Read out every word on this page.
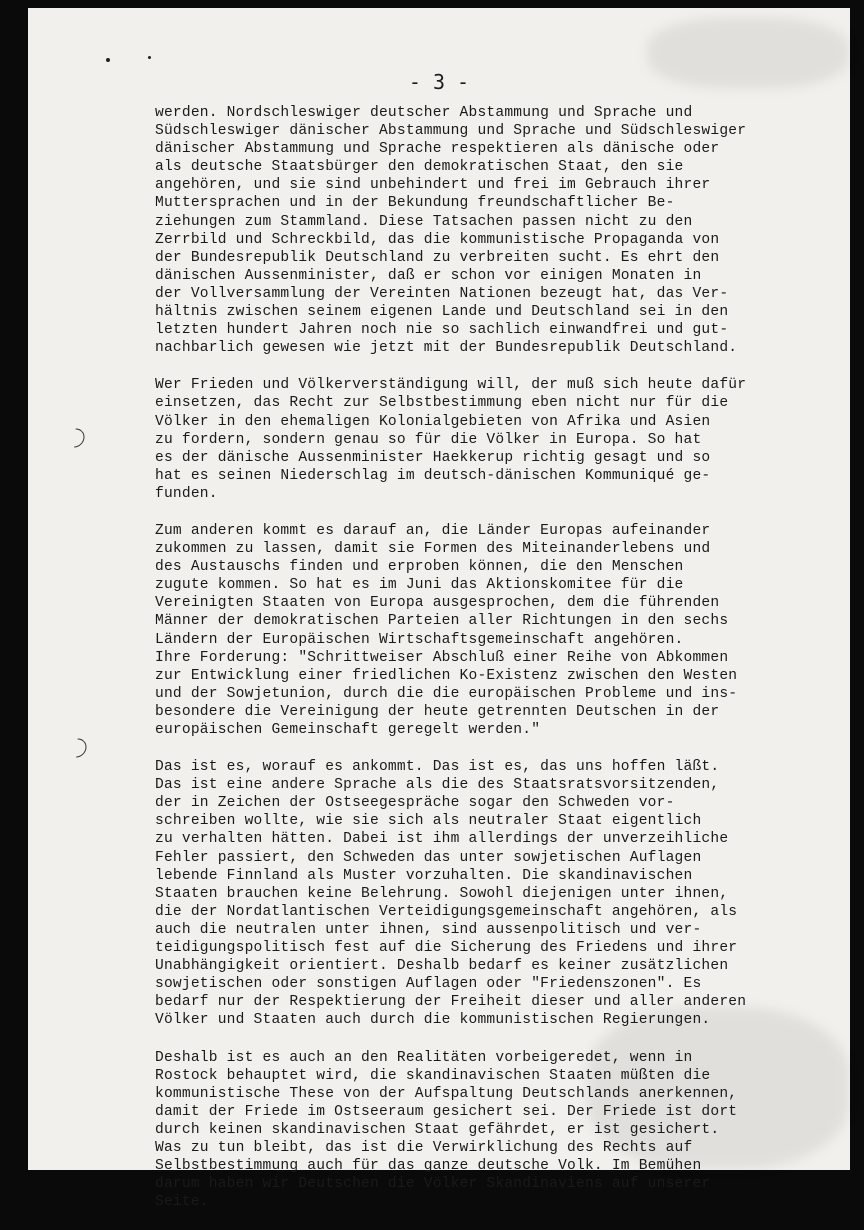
- 3 -

werden. Nordschleswiger deutscher Abstammung und Sprache und
Südschleswiger dänischer Abstammung und Sprache und Südschleswiger
dänischer Abstammung und Sprache respektieren als dänische oder
als deutsche Staatsbürger den demokratischen Staat, den sie
angehören, und sie sind unbehindert und frei im Gebrauch ihrer
Muttersprachen und in der Bekundung freundschaftlicher Be-
ziehungen zum Stammland. Diese Tatsachen passen nicht zu den
Zerrbild und Schreckbild, das die kommunistische Propaganda von
der Bundesrepublik Deutschland zu verbreiten sucht. Es ehrt den
dänischen Aussenminister, daß er schon vor einigen Monaten in
der Vollversammlung der Vereinten Nationen bezeugt hat, das Ver-
hältnis zwischen seinem eigenen Lande und Deutschland sei in den
letzten hundert Jahren noch nie so sachlich einwandfrei und gut-
nachbarlich gewesen wie jetzt mit der Bundesrepublik Deutschland.

Wer Frieden und Völkerverständigung will, der muß sich heute dafür
einsetzen, das Recht zur Selbstbestimmung eben nicht nur für die
Völker in den ehemaligen Kolonialgebieten von Afrika und Asien
zu fordern, sondern genau so für die Völker in Europa. So hat
es der dänische Aussenminister Haekkerup richtig gesagt und so
hat es seinen Niederschlag im deutsch-dänischen Kommuniqué ge-
funden.

Zum anderen kommt es darauf an, die Länder Europas aufeinander
zukommen zu lassen, damit sie Formen des Miteinanderlebens und
des Austauschs finden und erproben können, die den Menschen
zugute kommen. So hat es im Juni das Aktionskomitee für die
Vereinigten Staaten von Europa ausgesprochen, dem die führenden
Männer der demokratischen Parteien aller Richtungen in den sechs
Ländern der Europäischen Wirtschaftsgemeinschaft angehören.
Ihre Forderung: "Schrittweiser Abschluß einer Reihe von Abkommen
zur Entwicklung einer friedlichen Ko-Existenz zwischen den Westen
und der Sowjetunion, durch die die europäischen Probleme und ins-
besondere die Vereinigung der heute getrennten Deutschen in der
europäischen Gemeinschaft geregelt werden."

Das ist es, worauf es ankommt. Das ist es, das uns hoffen läßt.
Das ist eine andere Sprache als die des Staatsratsvorsitzenden,
der in Zeichen der Ostseegespräche sogar den Schweden vor-
schreiben wollte, wie sie sich als neutraler Staat eigentlich
zu verhalten hätten. Dabei ist ihm allerdings der unverzeihliche
Fehler passiert, den Schweden das unter sowjetischen Auflagen
lebende Finnland als Muster vorzuhalten. Die skandinavischen
Staaten brauchen keine Belehrung. Sowohl diejenigen unter ihnen,
die der Nordatlantischen Verteidigungsgemeinschaft angehören, als
auch die neutralen unter ihnen, sind aussenpolitisch und ver-
teidigungspolitisch fest auf die Sicherung des Friedens und ihrer
Unabhängigkeit orientiert. Deshalb bedarf es keiner zusätzlichen
sowjetischen oder sonstigen Auflagen oder "Friedenszonen". Es
bedarf nur der Respektierung der Freiheit dieser und aller anderen
Völker und Staaten auch durch die kommunistischen Regierungen.

Deshalb ist es auch an den Realitäten vorbeigeredet, wenn in
Rostock behauptet wird, die skandinavischen Staaten müßten die
kommunistische These von der Aufspaltung Deutschlands anerkennen,
damit der Friede im Ostseeraum gesichert sei. Der Friede ist dort
durch keinen skandinavischen Staat gefährdet, er ist gesichert.
Was zu tun bleibt, das ist die Verwirklichung des Rechts auf
Selbstbestimmung auch für das ganze deutsche Volk. Im Bemühen
darum haben wir Deutschen die Völker Skandinaviens auf unserer
Seite.
